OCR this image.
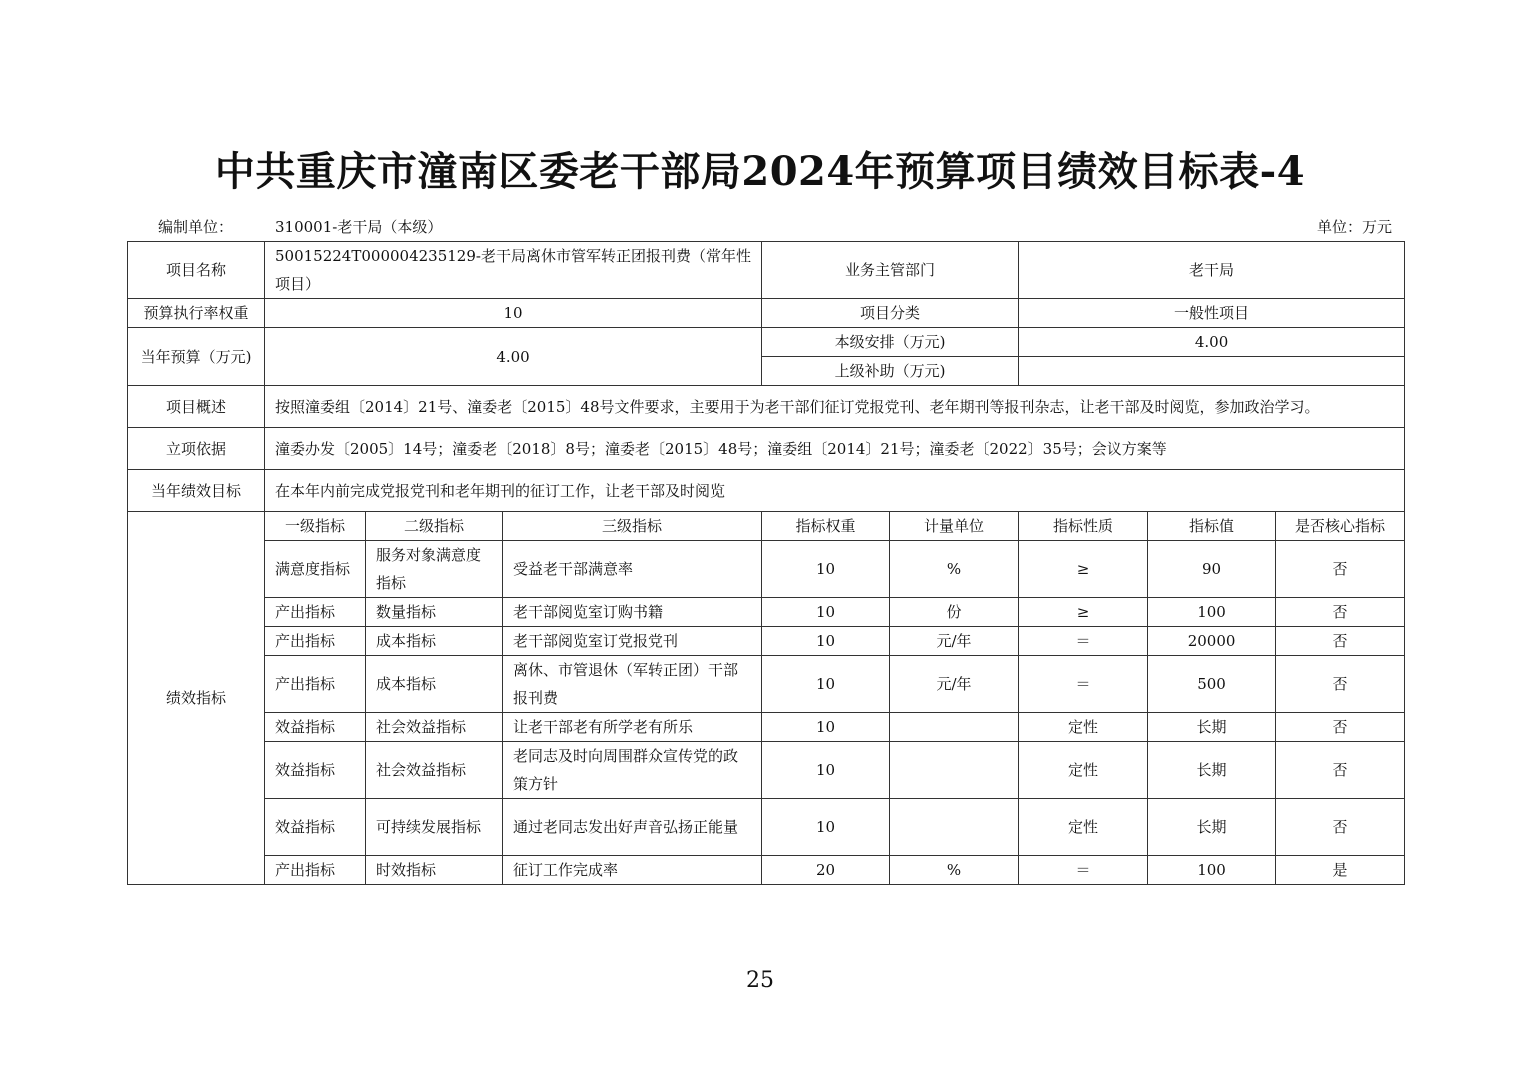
中共重庆市潼南区委老干部局2024年预算项目绩效目标表-4
编制单位：	310001-老干局（本级）	单位：万元
项目名称	50015224T000004235129-老干局离休市管军转正团报刊费（常年性项目）			业务主管部门		老干局		
预算执行率权重	10			项目分类		一般性项目		
当年预算（万元)	4.00			本级安排（万元)		4.00		
				上级补助（万元)				
项目概述	按照潼委组〔2014〕21号、潼委老〔2015〕48号文件要求，主要用于为老干部们征订党报党刊、老年期刊等报刊杂志，让老干部及时阅览，参加政治学习。							
立项依据	潼委办发〔2005〕14号；潼委老〔2018〕8号；潼委老〔2015〕48号；潼委组〔2014〕21号；潼委老〔2022〕35号；会议方案等							
当年绩效目标	在本年内前完成党报党刊和老年期刊的征订工作，让老干部及时阅览							
绩效指标	一级指标	二级指标	三级指标	指标权重	计量单位	指标性质	指标值	是否核心指标
	满意度指标	服务对象满意度指标	受益老干部满意率	10	%	≥	90	否
	产出指标	数量指标	老干部阅览室订购书籍	10	份	≥	100	否
	产出指标	成本指标	老干部阅览室订党报党刊	10	元/年	＝	20000	否
	产出指标	成本指标	离休、市管退休（军转正团）干部报刊费	10	元/年	＝	500	否
	效益指标	社会效益指标	让老干部老有所学老有所乐	10		定性	长期	否
	效益指标	社会效益指标	老同志及时向周围群众宣传党的政策方针	10		定性	长期	否
	效益指标	可持续发展指标	通过老同志发出好声音弘扬正能量	10		定性	长期	否
	产出指标	时效指标	征订工作完成率	20	%	＝	100	是
25
